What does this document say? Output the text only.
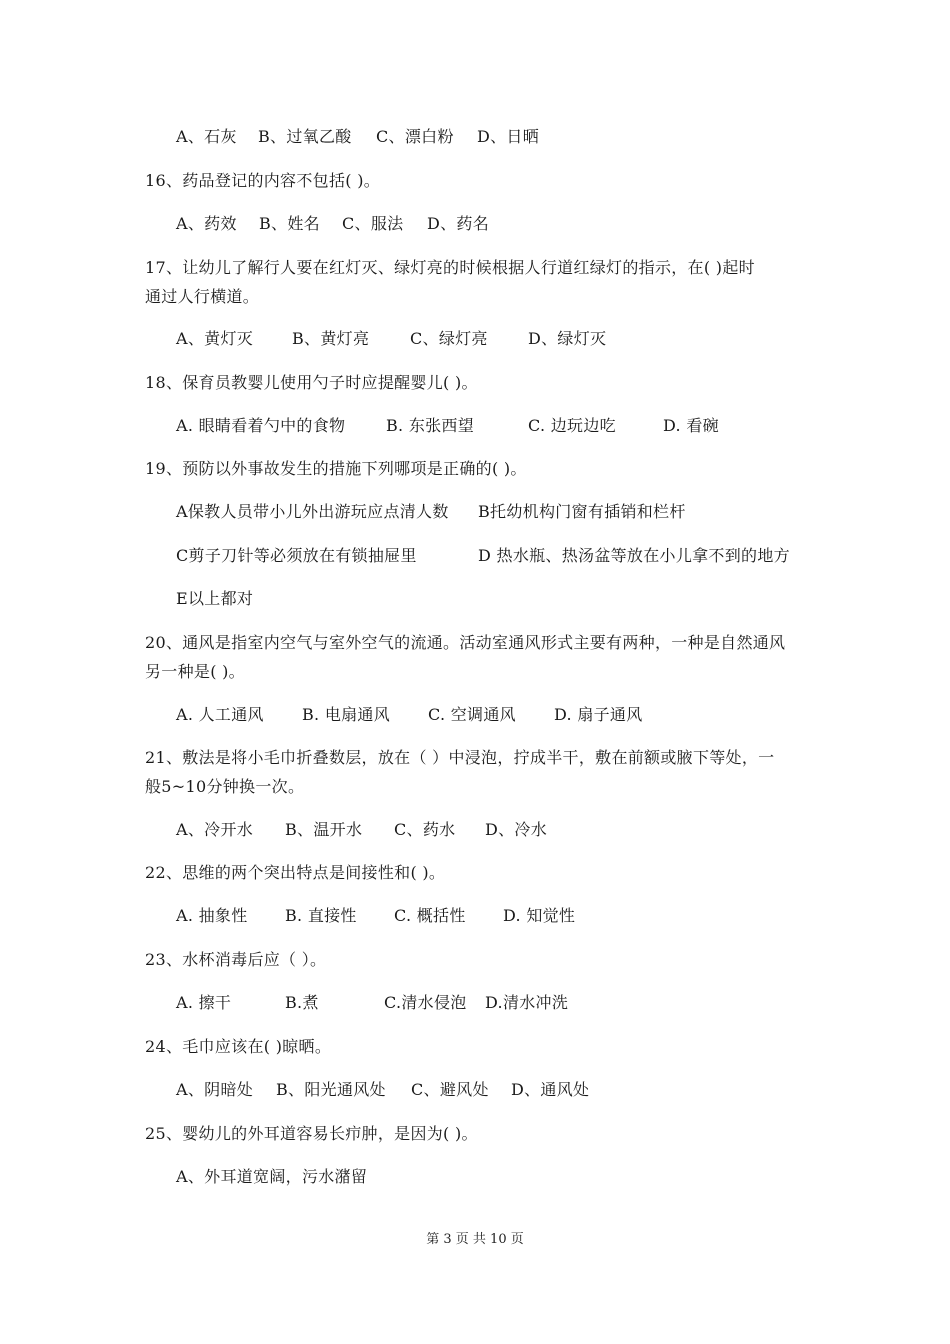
A、石灰 B、过氧乙酸 C、漂白粉 D、日晒
16、药品登记的内容不包括( )。
A、药效 B、姓名 C、服法 D、药名
17、让幼儿了解行人要在红灯灭、绿灯亮的时候根据人行道红绿灯的指示，在( )起时
通过人行横道。
A、黄灯灭 B、黄灯亮	C、绿灯亮	D、绿灯灭
18、保育员教婴儿使用勺子时应提醒婴儿( )。
A. 眼睛看着勺中的食物	B. 东张西望	C. 边玩边吃	D. 看碗
19、预防以外事故发生的措施下列哪项是正确的( )。
A保教人员带小儿外出游玩应点清人数 B托幼机构门窗有插销和栏杆
C剪子刀针等必须放在有锁抽屉里	D 热水瓶、热汤盆等放在小儿拿不到的地方
E以上都对
20、通风是指室内空气与室外空气的流通。活动室通风形式主要有两种，一种是自然通风
另一种是( )。
A. 人工通风 B. 电扇通风 C. 空调通风 D. 扇子通风
21、敷法是将小毛巾折叠数层，放在（ ）中浸泡，拧成半干，敷在前额或腋下等处，一
般5~10分钟换一次。
A、冷开水 B、温开水 C、药水 D、冷水
22、思维的两个突出特点是间接性和( )。
A. 抽象性 B. 直接性 C. 概括性 D. 知觉性
23、水杯消毒后应（ ）。
A. 擦干	B.煮	C.清水侵泡 D.清水冲洗
24、毛巾应该在( )晾晒。
A、阴暗处 B、阳光通风处 C、避风处 D、通风处
25、婴幼儿的外耳道容易长疖肿，是因为( )。
A、外耳道宽阔，污水潴留
第 3 页 共 10 页
